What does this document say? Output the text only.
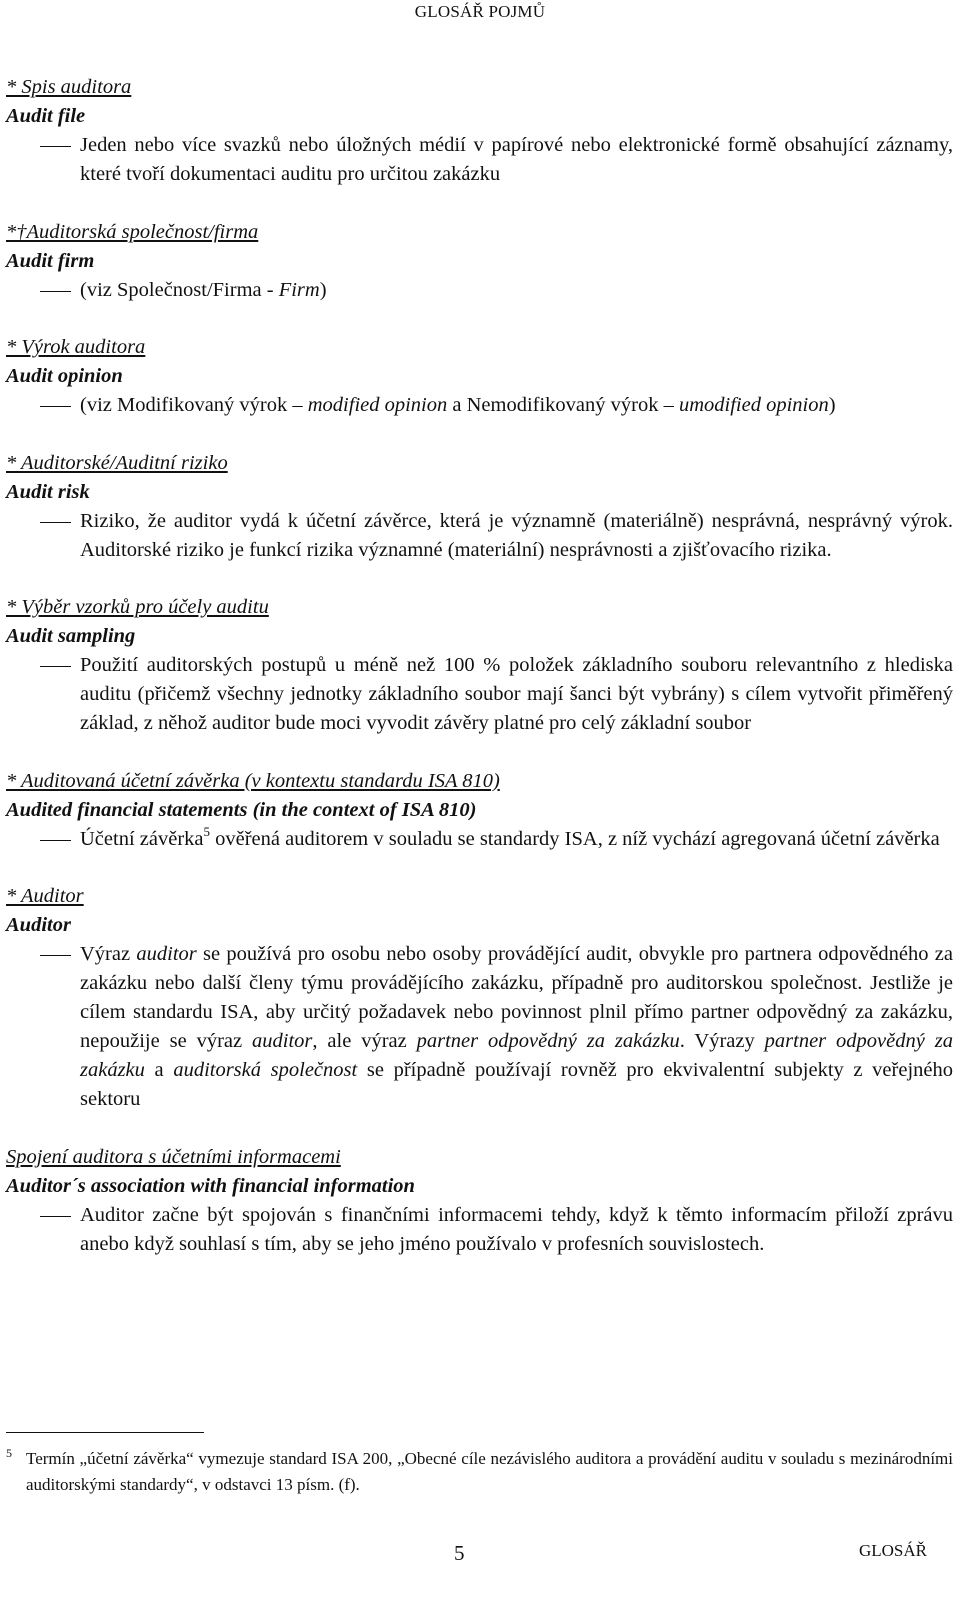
GLOSÁŘ POJMŮ
* Spis auditora
Audit file
Jeden nebo více svazků nebo úložných médií v papírové nebo elektronické formě obsahující záznamy, které tvoří dokumentaci auditu pro určitou zakázku
*†Auditorská společnost/firma
Audit firm
(viz Společnost/Firma - Firm)
* Výrok auditora
Audit opinion
(viz Modifikovaný výrok – modified opinion a Nemodifikovaný výrok – umodified opinion)
* Auditorské/Auditní riziko
Audit risk
Riziko, že auditor vydá k účetní závěrce, která je významně (materiálně) nesprávná, nesprávný výrok. Auditorské riziko je funkcí rizika významné (materiální) nesprávnosti a zjišťovacího rizika.
* Výběr vzorků pro účely auditu
Audit sampling
Použití auditorských postupů u méně než 100 % položek základního souboru relevantního z hlediska auditu (přičemž všechny jednotky základního soubor mají šanci být vybrány) s cílem vytvořit přiměřený základ, z něhož auditor bude moci vyvodit závěry platné pro celý základní soubor
* Auditovaná účetní závěrka (v kontextu standardu ISA 810)
Audited financial statements (in the context of ISA 810)
Účetní závěrka$^5$ ověřená auditorem v souladu se standardy ISA, z níž vychází agregovaná účetní závěrka
* Auditor
Auditor
Výraz auditor se používá pro osobu nebo osoby provádějící audit, obvykle pro partnera odpovědného za zakázku nebo další členy týmu provádějícího zakázku, případně pro auditorskou společnost. Jestliže je cílem standardu ISA, aby určitý požadavek nebo povinnost plnil přímo partner odpovědný za zakázku, nepoužije se výraz auditor, ale výraz partner odpovědný za zakázku. Výrazy partner odpovědný za zakázku a auditorská společnost se případně používají rovněž pro ekvivalentní subjekty z veřejného sektoru
Spojení auditora s účetními informacemi
Auditor´s association with financial information
Auditor začne být spojován s finančními informacemi tehdy, když k těmto informacím přiloží zprávu anebo když souhlasí s tím, aby se jeho jméno používalo v profesních souvislostech.
5 Termín „účetní závěrka“ vymezuje standard ISA 200, „Obecné cíle nezávislého auditora a provádění auditu v souladu s mezinárodními auditorskými standardy“, v odstavci 13 písm. (f).
5	GLOSÁŘ
